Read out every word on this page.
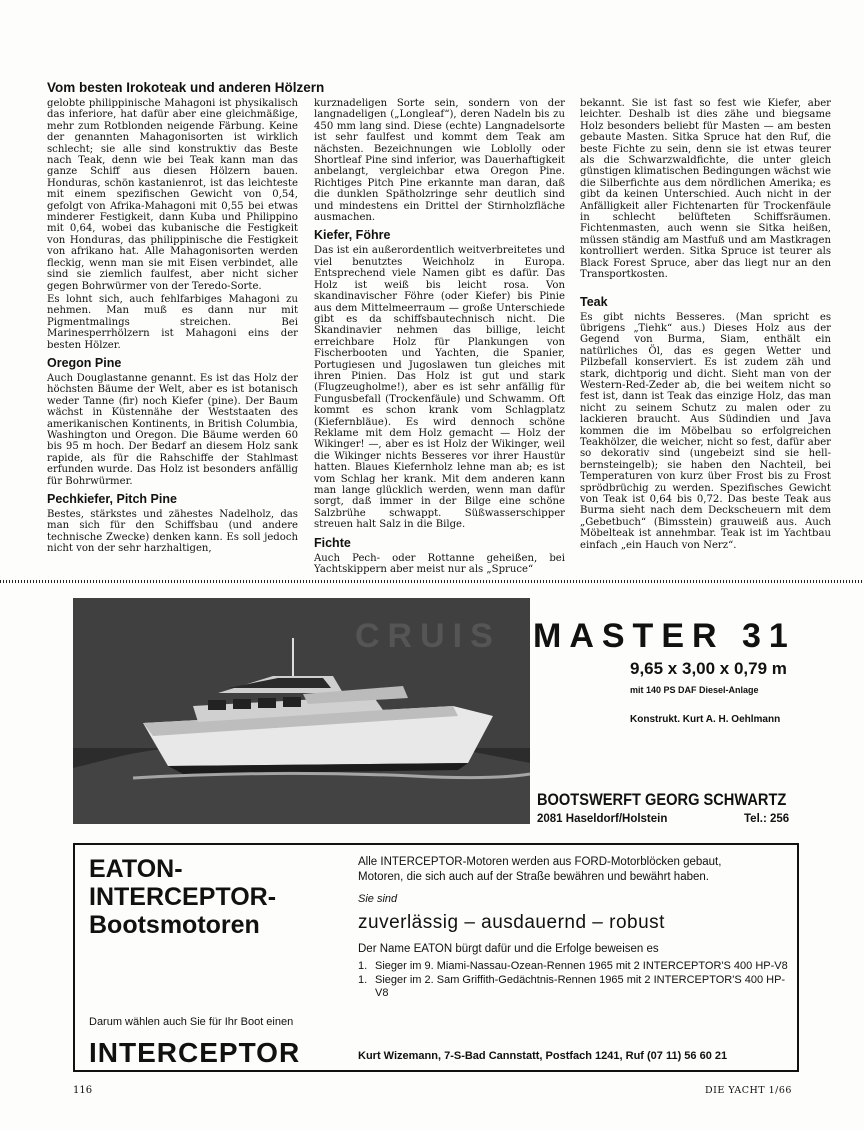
Vom besten Irokoteak und anderen Hölzern

gelobte philippinische Mahagoni ist physikalisch das inferiore, hat dafür aber eine gleichmäßige, mehr zum Rotblonden neigende Färbung. Keine der genannten Mahagonisorten ist wirklich schlecht; sie alle sind konstruktiv das Beste nach Teak, denn wie bei Teak kann man das ganze Schiff aus diesen Hölzern bauen. Honduras, schön kastanienrot, ist das leichteste mit einem spezifischen Gewicht von 0,54, gefolgt von Afrika-Mahagoni mit 0,55 bei etwas minderer Festigkeit, dann Kuba und Philippino mit 0,64, wobei das kubanische die Festigkeit von Honduras, das philippinische die Festigkeit von afrikano hat. Alle Mahagonisorten werden fleckig, wenn man sie mit Eisen verbindet, alle sind sie ziemlich faulfest, aber nicht sicher gegen Bohrwürmer von der Teredo-Sorte.

Es lohnt sich, auch fehlfarbiges Mahagoni zu nehmen. Man muß es dann nur mit Pigmentmalings streichen. Bei Marinesperrhölzern ist Mahagoni eins der besten Hölzer.

Oregon Pine

Auch Douglastanne genannt. Es ist das Holz der höchsten Bäume der Welt, aber es ist botanisch weder Tanne (fir) noch Kiefer (pine). Der Baum wächst in Küstennähe der Weststaaten des amerikanischen Kontinents, in British Columbia, Washington und Oregon. Die Bäume werden 60 bis 95 m hoch. Der Bedarf an diesem Holz sank rapide, als für die Rahschiffe der Stahlmast erfunden wurde. Das Holz ist besonders anfällig für Bohrwürmer.

Pechkiefer, Pitch Pine

Bestes, stärkstes und zähestes Nadelholz, das man sich für den Schiffsbau (und andere technische Zwecke) denken kann. Es soll jedoch nicht von der sehr harzhaltigen,

kurznadeligen Sorte sein, sondern von der langnadeligen („Longleaf“), deren Nadeln bis zu 450 mm lang sind. Diese (echte) Langnadelsorte ist sehr faulfest und kommt dem Teak am nächsten. Bezeichnungen wie Loblolly oder Shortleaf Pine sind inferior, was Dauerhaftigkeit anbelangt, vergleichbar etwa Oregon Pine. Richtiges Pitch Pine erkannte man daran, daß die dunklen Spätholzringe sehr deutlich sind und mindestens ein Drittel der Stirnholzfläche ausmachen.

Kiefer, Föhre

Das ist ein außerordentlich weitverbreitetes und viel benutztes Weichholz in Europa. Entsprechend viele Namen gibt es dafür. Das Holz ist weiß bis leicht rosa. Von skandinavischer Föhre (oder Kiefer) bis Pinie aus dem Mittelmeerraum — große Unterschiede gibt es da schiffsbautechnisch nicht. Die Skandinavier nehmen das billige, leicht erreichbare Holz für Plankungen von Fischerbooten und Yachten, die Spanier, Portugiesen und Jugoslawen tun gleiches mit ihren Pinien. Das Holz ist gut und stark (Flugzeugholme!), aber es ist sehr anfällig für Fungusbefall (Trockenfäule) und Schwamm. Oft kommt es schon krank vom Schlagplatz (Kiefernbläue). Es wird dennoch schöne Reklame mit dem Holz gemacht — Holz der Wikinger! —, aber es ist Holz der Wikinger, weil die Wikinger nichts Besseres vor ihrer Haustür hatten. Blaues Kiefernholz lehne man ab; es ist vom Schlag her krank. Mit dem anderen kann man lange glücklich werden, wenn man dafür sorgt, daß immer in der Bilge eine schöne Salzbrühe schwappt. Süßwasserschipper streuen halt Salz in die Bilge.

Fichte

Auch Pech- oder Rottanne geheißen, bei Yachtskippern aber meist nur als „Spruce“

bekannt. Sie ist fast so fest wie Kiefer, aber leichter. Deshalb ist dies zähe und biegsame Holz besonders beliebt für Masten — am besten gebaute Masten. Sitka Spruce hat den Ruf, die beste Fichte zu sein, denn sie ist etwas teurer als die Schwarzwaldfichte, die unter gleich günstigen klimatischen Bedingungen wächst wie die Silberfichte aus dem nördlichen Amerika; es gibt da keinen Unterschied. Auch nicht in der Anfälligkeit aller Fichtenarten für Trockenfäule in schlecht belüfteten Schiffsräumen. Fichtenmasten, auch wenn sie Sitka heißen, müssen ständig am Mastfuß und am Mastkragen kontrolliert werden. Sitka Spruce ist teurer als Black Forest Spruce, aber das liegt nur an den Transportkosten.

Teak

Es gibt nichts Besseres. (Man spricht es übrigens „Tiehk“ aus.) Dieses Holz aus der Gegend von Burma, Siam, enthält ein natürliches Öl, das es gegen Wetter und Pilzbefall konserviert. Es ist zudem zäh und stark, dichtporig und dicht. Sieht man von der Western-Red-Zeder ab, die bei weitem nicht so fest ist, dann ist Teak das einzige Holz, das man nicht zu seinem Schutz zu malen oder zu lackieren braucht. Aus Südindien und Java kommen die im Möbelbau so erfolgreichen Teakhölzer, die weicher, nicht so fest, dafür aber so dekorativ sind (ungebeizt sind sie hell-bernsteingelb); sie haben den Nachteil, bei Temperaturen von kurz über Frost bis zu Frost sprödbrüchig zu werden. Spezifisches Gewicht von Teak ist 0,64 bis 0,72. Das beste Teak aus Burma sieht nach dem Deckscheuern mit dem „Gebetbuch“ (Bimsstein) grauweiß aus. Auch Möbelteak ist annehmbar. Teak ist im Yachtbau einfach „ein Hauch von Nerz“.

CRUIS MASTER 31
9,65 x 3,00 x 0,79 m
mit 140 PS DAF Diesel-Anlage
Konstrukt. Kurt A. H. Oehlmann
BOOTSWERFT GEORG SCHWARTZ
2081 Haseldorf/Holstein	Tel.: 256
EATON-
INTERCEPTOR-
Bootsmotoren
Alle INTERCEPTOR-Motoren werden aus FORD-Motorblöcken gebaut,
Motoren, die sich auch auf der Straße bewähren und bewährt haben.
Sie sind
zuverlässig – ausdauernd – robust
Der Name EATON bürgt dafür und die Erfolge beweisen es
1. Sieger im 9. Miami-Nassau-Ozean-Rennen 1965 mit 2 INTERCEPTOR'S 400 HP-V8
1. Sieger im 2. Sam Griffith-Gedächtnis-Rennen 1965 mit 2 INTERCEPTOR'S 400 HP-V8
Darum wählen auch Sie für Ihr Boot einen
INTERCEPTOR	Kurt Wizemann, 7-S-Bad Cannstatt, Postfach 1241, Ruf (07 11) 56 60 21
116	DIE YACHT 1/66
